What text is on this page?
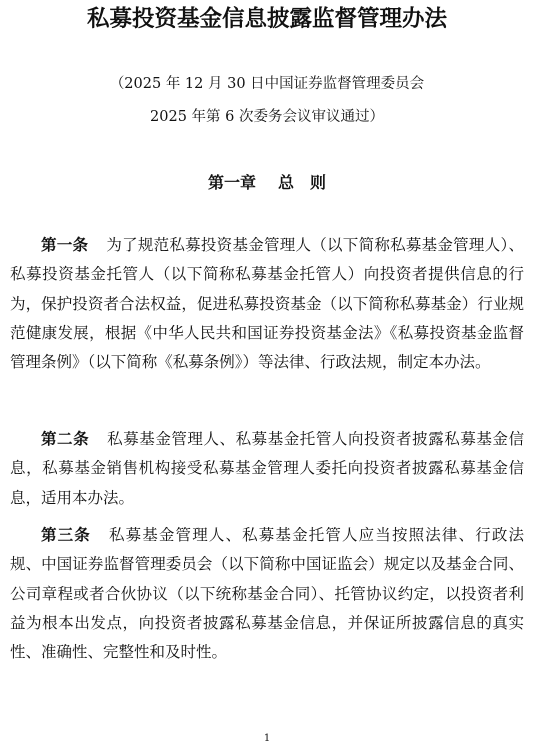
私募投资基金信息披露监督管理办法

（2025 年 12 月 30 日中国证券监督管理委员会

2025 年第 6 次委务会议审议通过）

第一章 总　则

第一条 为了规范私募投资基金管理人（以下简称私募基金管理人）、私募投资基金托管人（以下简称私募基金托管人）向投资者提供信息的行为，保护投资者合法权益，促进私募投资基金（以下简称私募基金）行业规范健康发展，根据《中华人民共和国证券投资基金法》《私募投资基金监督管理条例》（以下简称《私募条例》）等法律、行政法规，制定本办法。

第二条 私募基金管理人、私募基金托管人向投资者披露私募基金信息，私募基金销售机构接受私募基金管理人委托向投资者披露私募基金信息，适用本办法。

第三条 私募基金管理人、私募基金托管人应当按照法律、行政法规、中国证券监督管理委员会（以下简称中国证监会）规定以及基金合同、公司章程或者合伙协议（以下统称基金合同）、托管协议约定，以投资者利益为根本出发点，向投资者披露私募基金信息，并保证所披露信息的真实性、准确性、完整性和及时性。

1
